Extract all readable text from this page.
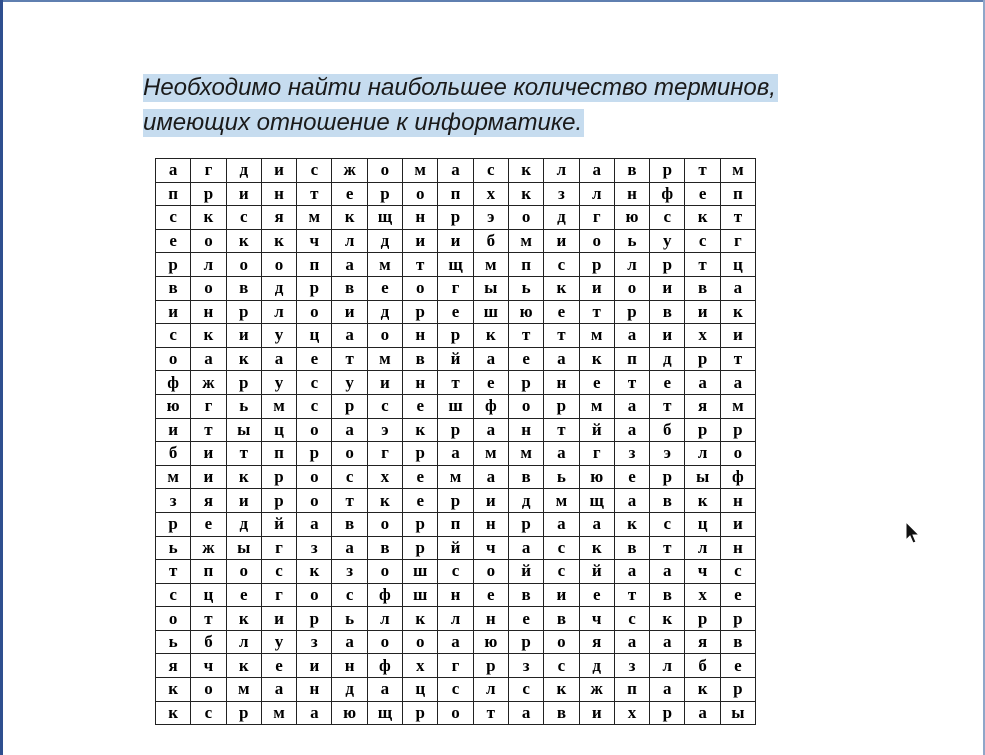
Необходимо найти наибольшее количество терминов,
имеющих отношение к информатике.

а	г	д	и	с	ж	о	м	а	с	к	л	а	в	р	т	м
п	р	и	н	т	е	р	о	п	х	к	з	л	н	ф	е	п
с	к	с	я	м	к	щ	н	р	э	о	д	г	ю	с	к	т
е	о	к	к	ч	л	д	и	и	б	м	и	о	ь	у	с	г
р	л	о	о	п	а	м	т	щ	м	п	с	р	л	р	т	ц
в	о	в	д	р	в	е	о	г	ы	ь	к	и	о	и	в	а
и	н	р	л	о	и	д	р	е	ш	ю	е	т	р	в	и	к
с	к	и	у	ц	а	о	н	р	к	т	т	м	а	и	х	и
о	а	к	а	е	т	м	в	й	а	е	а	к	п	д	р	т
ф	ж	р	у	с	у	и	н	т	е	р	н	е	т	е	а	а
ю	г	ь	м	с	р	с	е	ш	ф	о	р	м	а	т	я	м
и	т	ы	ц	о	а	э	к	р	а	н	т	й	а	б	р	р
б	и	т	п	р	о	г	р	а	м	м	а	г	з	э	л	о
м	и	к	р	о	с	х	е	м	а	в	ь	ю	е	р	ы	ф
з	я	и	р	о	т	к	е	р	и	д	м	щ	а	в	к	н
р	е	д	й	а	в	о	р	п	н	р	а	а	к	с	ц	и
ь	ж	ы	г	з	а	в	р	й	ч	а	с	к	в	т	л	н
т	п	о	с	к	з	о	ш	с	о	й	с	й	а	а	ч	с
с	ц	е	г	о	с	ф	ш	н	е	в	и	е	т	в	х	е
о	т	к	и	р	ь	л	к	л	н	е	в	ч	с	к	р	р
ь	б	л	у	з	а	о	о	а	ю	р	о	я	а	а	я	в
я	ч	к	е	и	н	ф	х	г	р	з	с	д	з	л	б	е
к	о	м	а	н	д	а	ц	с	л	с	к	ж	п	а	к	р
к	с	р	м	а	ю	щ	р	о	т	а	в	и	х	р	а	ы
